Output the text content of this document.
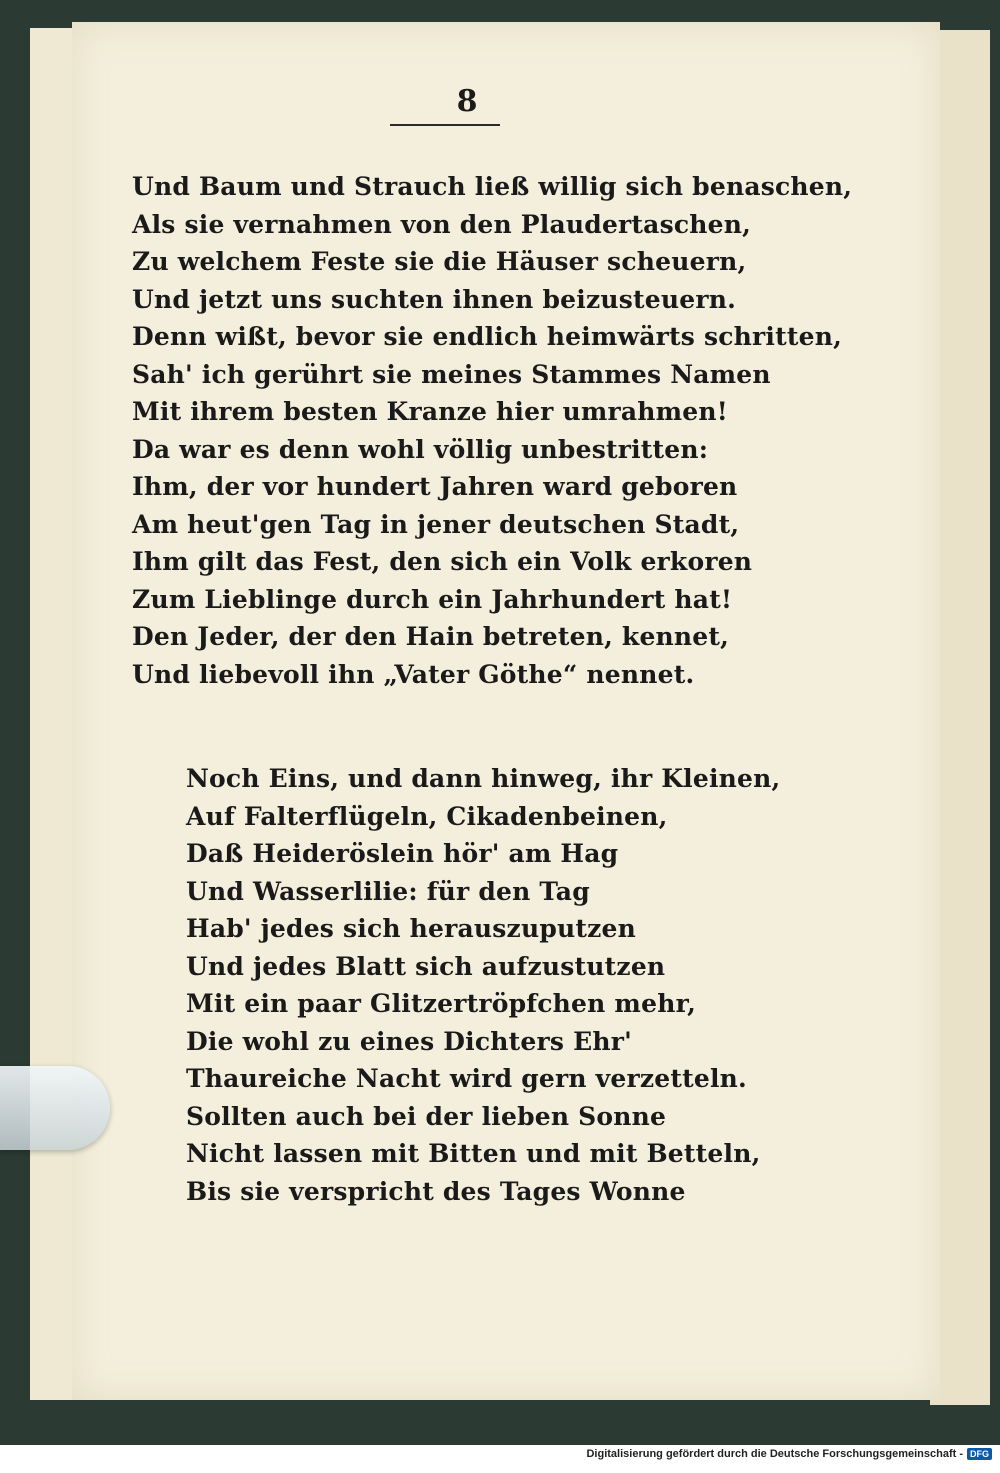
8
Und Baum und Strauch ließ willig sich benaschen,
Als sie vernahmen von den Plaudertaschen,
Zu welchem Feste sie die Häuser scheuern,
Und jetzt uns suchten ihnen beizusteuern.
Denn wißt, bevor sie endlich heimwärts schritten,
Sah' ich gerührt sie meines Stammes Namen
Mit ihrem besten Kranze hier umrahmen!
Da war es denn wohl völlig unbestritten:
Ihm, der vor hundert Jahren ward geboren
Am heut'gen Tag in jener deutschen Stadt,
Ihm gilt das Fest, den sich ein Volk erkoren
Zum Lieblinge durch ein Jahrhundert hat!
Den Jeder, der den Hain betreten, kennet,
Und liebevoll ihn „Vater Göthe“ nennet.
Noch Eins, und dann hinweg, ihr Kleinen,
Auf Falterflügeln, Cikadenbeinen,
Daß Heideröslein hör' am Hag
Und Wasserlilie: für den Tag
Hab' jedes sich herauszuputzen
Und jedes Blatt sich aufzustutzen
Mit ein paar Glitzertröpfchen mehr,
Die wohl zu eines Dichters Ehr'
Thaureiche Nacht wird gern verzetteln.
Sollten auch bei der lieben Sonne
Nicht lassen mit Bitten und mit Betteln,
Bis sie verspricht des Tages Wonne
Digitalisierung gefördert durch die Deutsche Forschungsgemeinschaft - DFG
